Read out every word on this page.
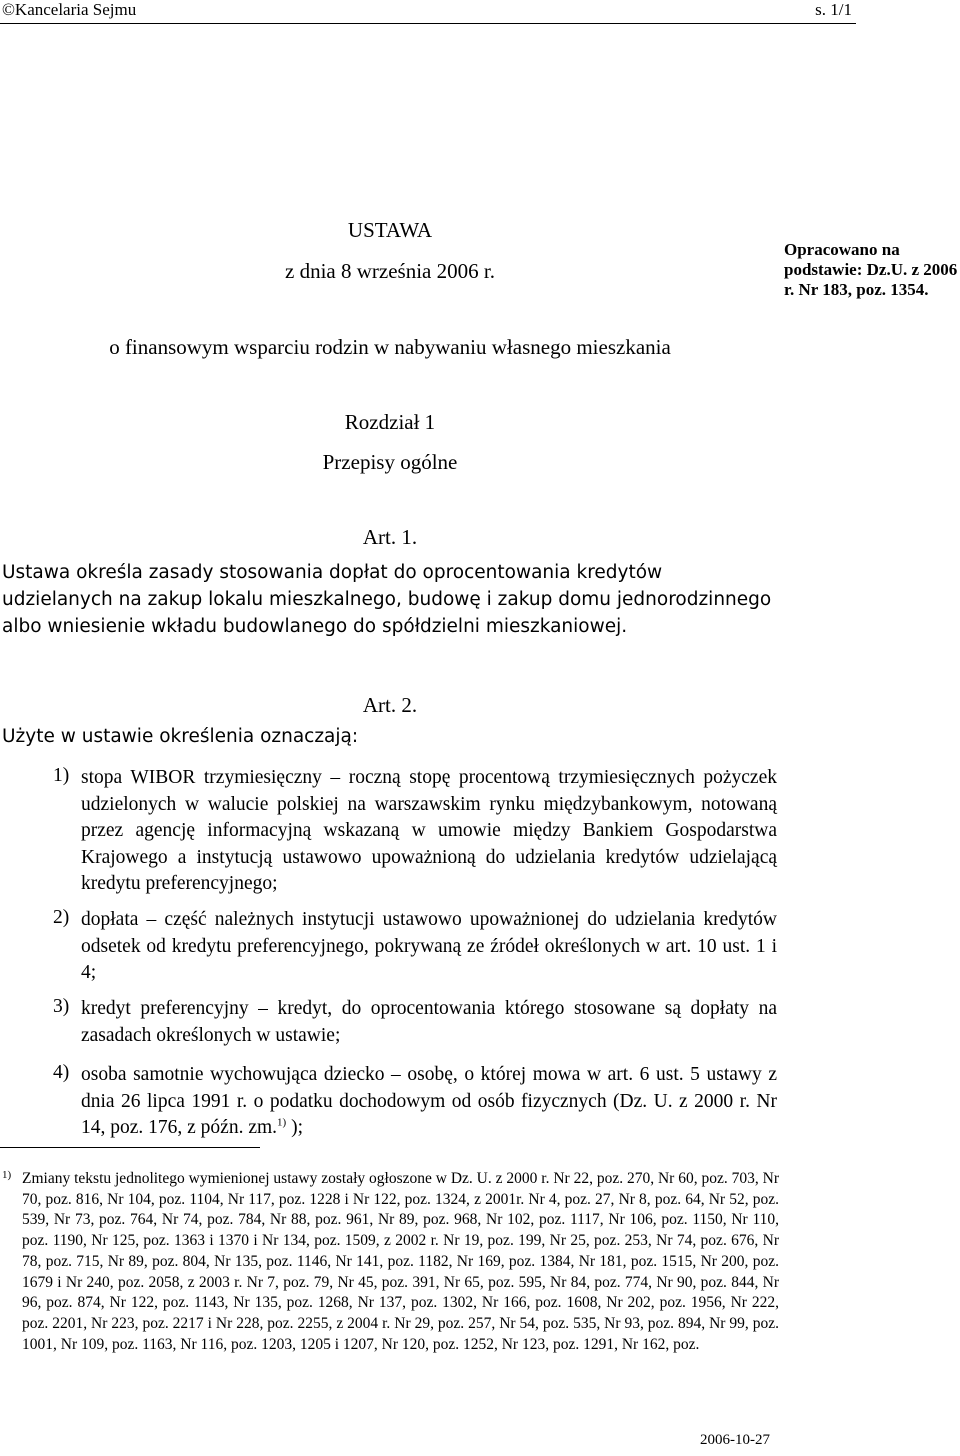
©Kancelaria Sejmu	s. 1/1
USTAWA
z dnia 8 września 2006 r.
Opracowano na podstawie: Dz.U. z 2006 r. Nr 183, poz. 1354.
o finansowym wsparciu rodzin w nabywaniu własnego mieszkania
Rozdział 1
Przepisy ogólne
Art. 1.
Ustawa określa zasady stosowania dopłat do oprocentowania kredytów udzielanych na zakup lokalu mieszkalnego, budowę i zakup domu jednorodzinnego albo wniesienie wkładu budowlanego do spółdzielni mieszkaniowej.
Art. 2.
Użyte w ustawie określenia oznaczają:
1) stopa WIBOR trzymiesięczny – roczną stopę procentową trzymiesięcznych pożyczek udzielonych w walucie polskiej na warszawskim rynku międzybankowym, notowaną przez agencję informacyjną wskazaną w umowie między Bankiem Gospodarstwa Krajowego a instytucją ustawowo upoważnioną do udzielania kredytów udzielającą kredytu preferencyjnego;
2) dopłata – część należnych instytucji ustawowo upoważnionej do udzielania kredytów odsetek od kredytu preferencyjnego, pokrywaną ze źródeł określonych w art. 10 ust. 1 i 4;
3) kredyt preferencyjny – kredyt, do oprocentowania którego stosowane są dopłaty na zasadach określonych w ustawie;
4) osoba samotnie wychowująca dziecko – osobę, o której mowa w art. 6 ust. 5 ustawy z dnia 26 lipca 1991 r. o podatku dochodowym od osób fizycznych (Dz. U. z 2000 r. Nr 14, poz. 176, z późn. zm.$^{1)}$ );
1) Zmiany tekstu jednolitego wymienionej ustawy zostały ogłoszone w Dz. U. z 2000 r. Nr 22, poz. 270, Nr 60, poz. 703, Nr 70, poz. 816, Nr 104, poz. 1104, Nr 117, poz. 1228 i Nr 122, poz. 1324, z 2001r. Nr 4, poz. 27, Nr 8, poz. 64, Nr 52, poz. 539, Nr 73, poz. 764, Nr 74, poz. 784, Nr 88, poz. 961, Nr 89, poz. 968, Nr 102, poz. 1117, Nr 106, poz. 1150, Nr 110, poz. 1190, Nr 125, poz. 1363 i 1370 i Nr 134, poz. 1509, z 2002 r. Nr 19, poz. 199, Nr 25, poz. 253, Nr 74, poz. 676, Nr 78, poz. 715, Nr 89, poz. 804, Nr 135, poz. 1146, Nr 141, poz. 1182, Nr 169, poz. 1384, Nr 181, poz. 1515, Nr 200, poz. 1679 i Nr 240, poz. 2058, z 2003 r. Nr 7, poz. 79, Nr 45, poz. 391, Nr 65, poz. 595, Nr 84, poz. 774, Nr 90, poz. 844, Nr 96, poz. 874, Nr 122, poz. 1143, Nr 135, poz. 1268, Nr 137, poz. 1302, Nr 166, poz. 1608, Nr 202, poz. 1956, Nr 222, poz. 2201, Nr 223, poz. 2217 i Nr 228, poz. 2255, z 2004 r. Nr 29, poz. 257, Nr 54, poz. 535, Nr 93, poz. 894, Nr 99, poz. 1001, Nr 109, poz. 1163, Nr 116, poz. 1203, 1205 i 1207, Nr 120, poz. 1252, Nr 123, poz. 1291, Nr 162, poz.
2006-10-27
